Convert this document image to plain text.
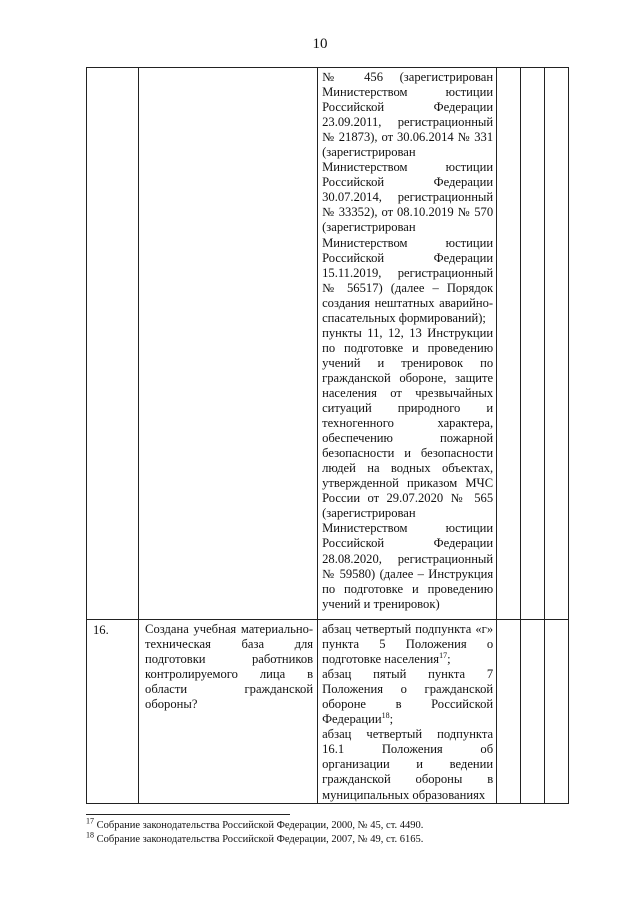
10

		№ 456 (зарегистрирован Министерством юстиции Российской Федерации 23.09.2011, регистрационный № 21873), от 30.06.2014 № 331 (зарегистрирован Министерством юстиции Российской Федерации 30.07.2014, регистрационный № 33352), от 08.10.2019 № 570 (зарегистрирован Министерством юстиции Российской Федерации 15.11.2019, регистрационный № 56517) (далее – Порядок создания нештатных аварийно-спасательных формирований);
пункты 11, 12, 13 Инструкции по подготовке и проведению учений и тренировок по гражданской обороне, защите населения от чрезвычайных ситуаций природного и техногенного характера, обеспечению пожарной безопасности и безопасности людей на водных объектах, утвержденной приказом МЧС России от 29.07.2020 № 565 (зарегистрирован Министерством юстиции Российской Федерации 28.08.2020, регистрационный № 59580) (далее – Инструкция по подготовке и проведению учений и тренировок)			

16.	Создана учебная материально-техническая база для подготовки работников контролируемого лица в области гражданской обороны?	абзац четвертый подпункта «г» пункта 5 Положения о подготовке населения$^{17}$;
абзац пятый пункта 7 Положения о гражданской обороне в Российской Федерации$^{18}$;
абзац четвертый подпункта 16.1 Положения об организации и ведении гражданской обороны в муниципальных образованиях			

$^{17}$ Собрание законодательства Российской Федерации, 2000, № 45, ст. 4490.
$^{18}$ Собрание законодательства Российской Федерации, 2007, № 49, ст. 6165.
